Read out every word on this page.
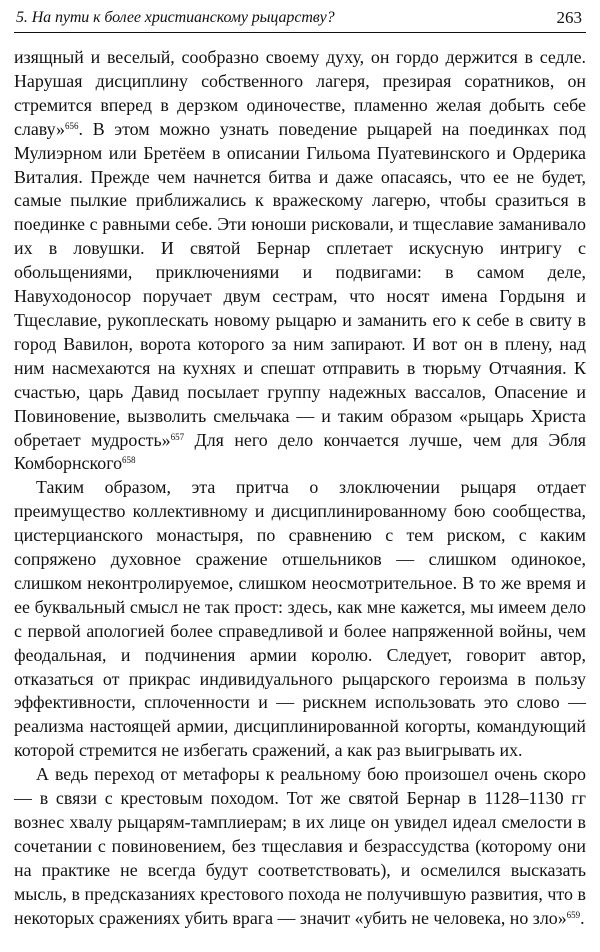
5. На пути к более христианскому рыцарству?	263

изящный и веселый, сообразно своему духу, он гордо держится в седле. Нарушая дисциплину собственного лагеря, презирая соратников, он стремится вперед в дерзком одиночестве, пламенно желая добыть себе славу»$^{656}$. В этом можно узнать поведение рыцарей на поединках под Мулиэрном или Бретёем в описании Гильома Пуатевинского и Ордерика Виталия. Прежде чем начнется битва и даже опасаясь, что ее не будет, самые пылкие приближались к вражескому лагерю, чтобы сразиться в поединке с равными себе. Эти юноши рисковали, и тщеславие заманивало их в ловушки. И святой Бернар сплетает искусную интригу с обольщениями, приключениями и подвигами: в самом деле, Навуходоносор поручает двум сестрам, что носят имена Гордыня и Тщеславие, рукоплескать новому рыцарю и заманить его к себе в свиту в город Вавилон, ворота которого за ним запирают. И вот он в плену, над ним насмехаются на кухнях и спешат отправить в тюрьму Отчаяния. К счастью, царь Давид посылает группу надежных вассалов, Опасение и Повиновение, вызволить смельчака — и таким образом «рыцарь Христа обретает мудрость»$^{657}$ Для него дело кончается лучше, чем для Эбля Комборнского$^{658}$

Таким образом, эта притча о злоключении рыцаря отдает преимущество коллективному и дисциплинированному бою сообщества, цистерцианского монастыря, по сравнению с тем риском, с каким сопряжено духовное сражение отшельников — слишком одинокое, слишком неконтролируемое, слишком неосмотрительное. В то же время и ее буквальный смысл не так прост: здесь, как мне кажется, мы имеем дело с первой апологией более справедливой и более напряженной войны, чем феодальная, и подчинения армии королю. Следует, говорит автор, отказаться от прикрас индивидуального рыцарского героизма в пользу эффективности, сплоченности и — рискнем использовать это слово — реализма настоящей армии, дисциплинированной когорты, командующий которой стремится не избегать сражений, а как раз выигрывать их.

А ведь переход от метафоры к реальному бою произошел очень скоро — в связи с крестовым походом. Тот же святой Бернар в 1128–1130 гг вознес хвалу рыцарям-тамплиерам; в их лице он увидел идеал смелости в сочетании с повиновением, без тщеславия и безрассудства (которому они на практике не всегда будут соответствовать), и осмелился высказать мысль, в предсказаниях крестового похода не получившую развития, что в некоторых сражениях убить врага — значит «убить не человека, но зло»$^{659}$.
